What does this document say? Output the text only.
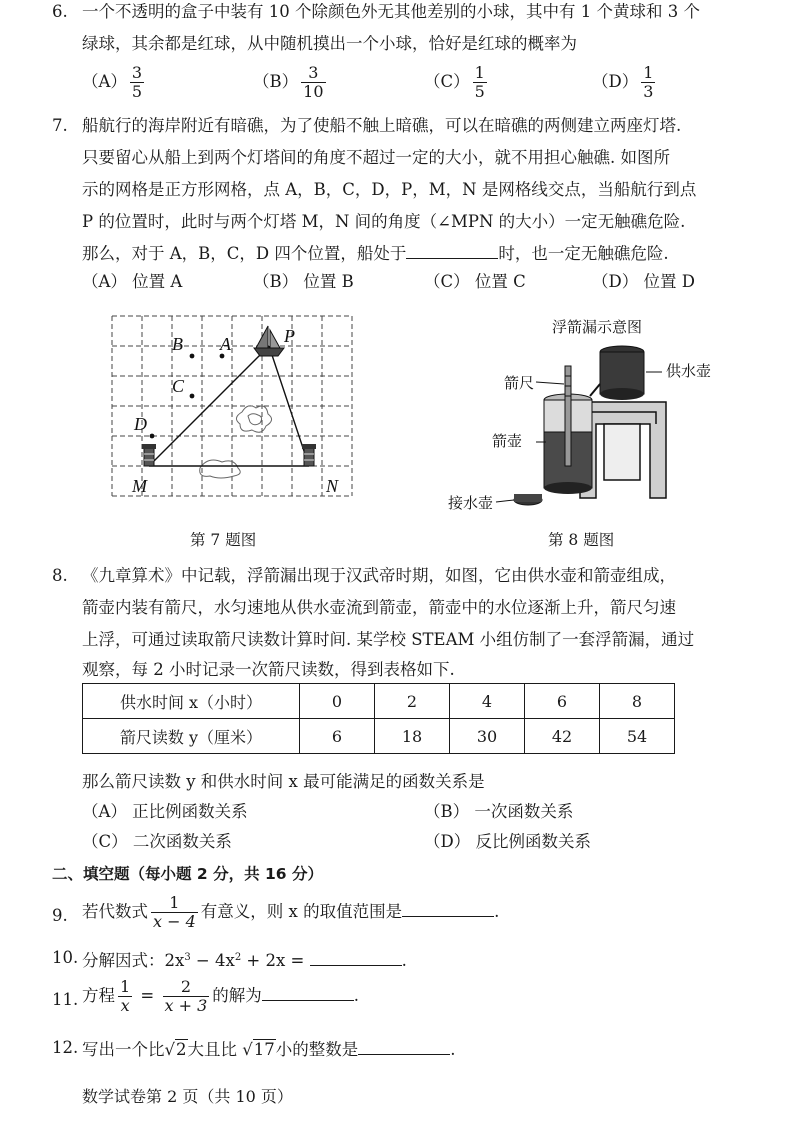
6. 一个不透明的盒子中装有 10 个除颜色外无其他差别的小球，其中有 1 个黄球和 3 个
绿球，其余都是红球，从中随机摸出一个小球，恰好是红球的概率为
$(A) \frac{3}{5}$	$(B) \frac{3}{10}$	$(C) \frac{1}{5}$	$(D) \frac{1}{3}$
7. 船航行的海岸附近有暗礁，为了使船不触上暗礁，可以在暗礁的两侧建立两座灯塔.
只要留心从船上到两个灯塔间的角度不超过一定的大小，就不用担心触礁. 如图所
示的网格是正方形网格，点 A，B，C，D，P，M，N 是网格线交点，当船航行到点
P 的位置时，此时与两个灯塔 M，N 间的角度（∠MPN 的大小）一定无触礁危险.
那么，对于 A，B，C，D 四个位置，船处于	时，也一定无触礁危险.
（A） 位置 A	（B） 位置 B	（C） 位置 C	（D） 位置 D
B A
C
D
P
M	N
第 7 题图
浮箭漏示意图
箭尺
供水壶
箭壶
接水壶
第 8 题图
8. 《九章算术》中记载，浮箭漏出现于汉武帝时期，如图，它由供水壶和箭壶组成，
箭壶内装有箭尺，水匀速地从供水壶流到箭壶，箭壶中的水位逐渐上升，箭尺匀速
上浮，可通过读取箭尺读数计算时间. 某学校 STEAM 小组仿制了一套浮箭漏，通过
观察，每 2 小时记录一次箭尺读数，得到表格如下.
供水时间 x（小时）	0	2	4	6	8
箭尺读数 y（厘米）	6	18	30	42	54
那么箭尺读数 y 和供水时间 x 最可能满足的函数关系是
（A） 正比例函数关系	（B） 一次函数关系
（C） 二次函数关系	（D） 反比例函数关系
二、填空题（每小题 2 分，共 16 分）
9. 若代数式 $\frac{1}{x - 4}$ 有意义，则 x 的取值范围是	.
10. 分解因式：$2x^3 - 4x^2 + 2x$ =	.
11. 方程 $\frac{1}{x} = \frac{2}{x + 3}$ 的解为	.
12. 写出一个比√2大且比 √17小的整数是	.
数学试卷第 2 页（共 10 页）
